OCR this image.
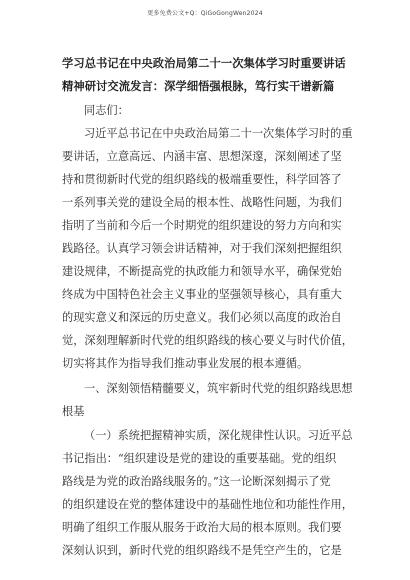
更多免费公文+Q：QiGoGongWen2024
学习总书记在中央政治局第二十一次集体学习时重要讲话
精神研讨交流发言：深学细悟强根脉，笃行实干谱新篇
同志们：
习近平总书记在中央政治局第二十一次集体学习时的重
要讲话，立意高远、内涵丰富、思想深邃，深刻阐述了坚
持和贯彻新时代党的组织路线的极端重要性，科学回答了
一系列事关党的建设全局的根本性、战略性问题，为我们
指明了当前和今后一个时期党的组织建设的努力方向和实
践路径。认真学习领会讲话精神，对于我们深刻把握组织
建设规律，不断提高党的执政能力和领导水平，确保党始
终成为中国特色社会主义事业的坚强领导核心，具有重大
的现实意义和深远的历史意义。我们必须以高度的政治自
觉，深刻理解新时代党的组织路线的核心要义与时代价值，
切实将其作为指导我们推动事业发展的根本遵循。
一、深刻领悟精髓要义，筑牢新时代党的组织路线思想
根基
（一）系统把握精神实质，深化规律性认识。习近平总
书记指出：“组织建设是党的建设的重要基础。党的组织
路线是为党的政治路线服务的。”这一论断深刻揭示了党
的组织建设在党的整体建设中的基础性地位和功能性作用，
明确了组织工作服从服务于政治大局的根本原则。我们要
深刻认识到，新时代党的组织路线不是凭空产生的，它是
